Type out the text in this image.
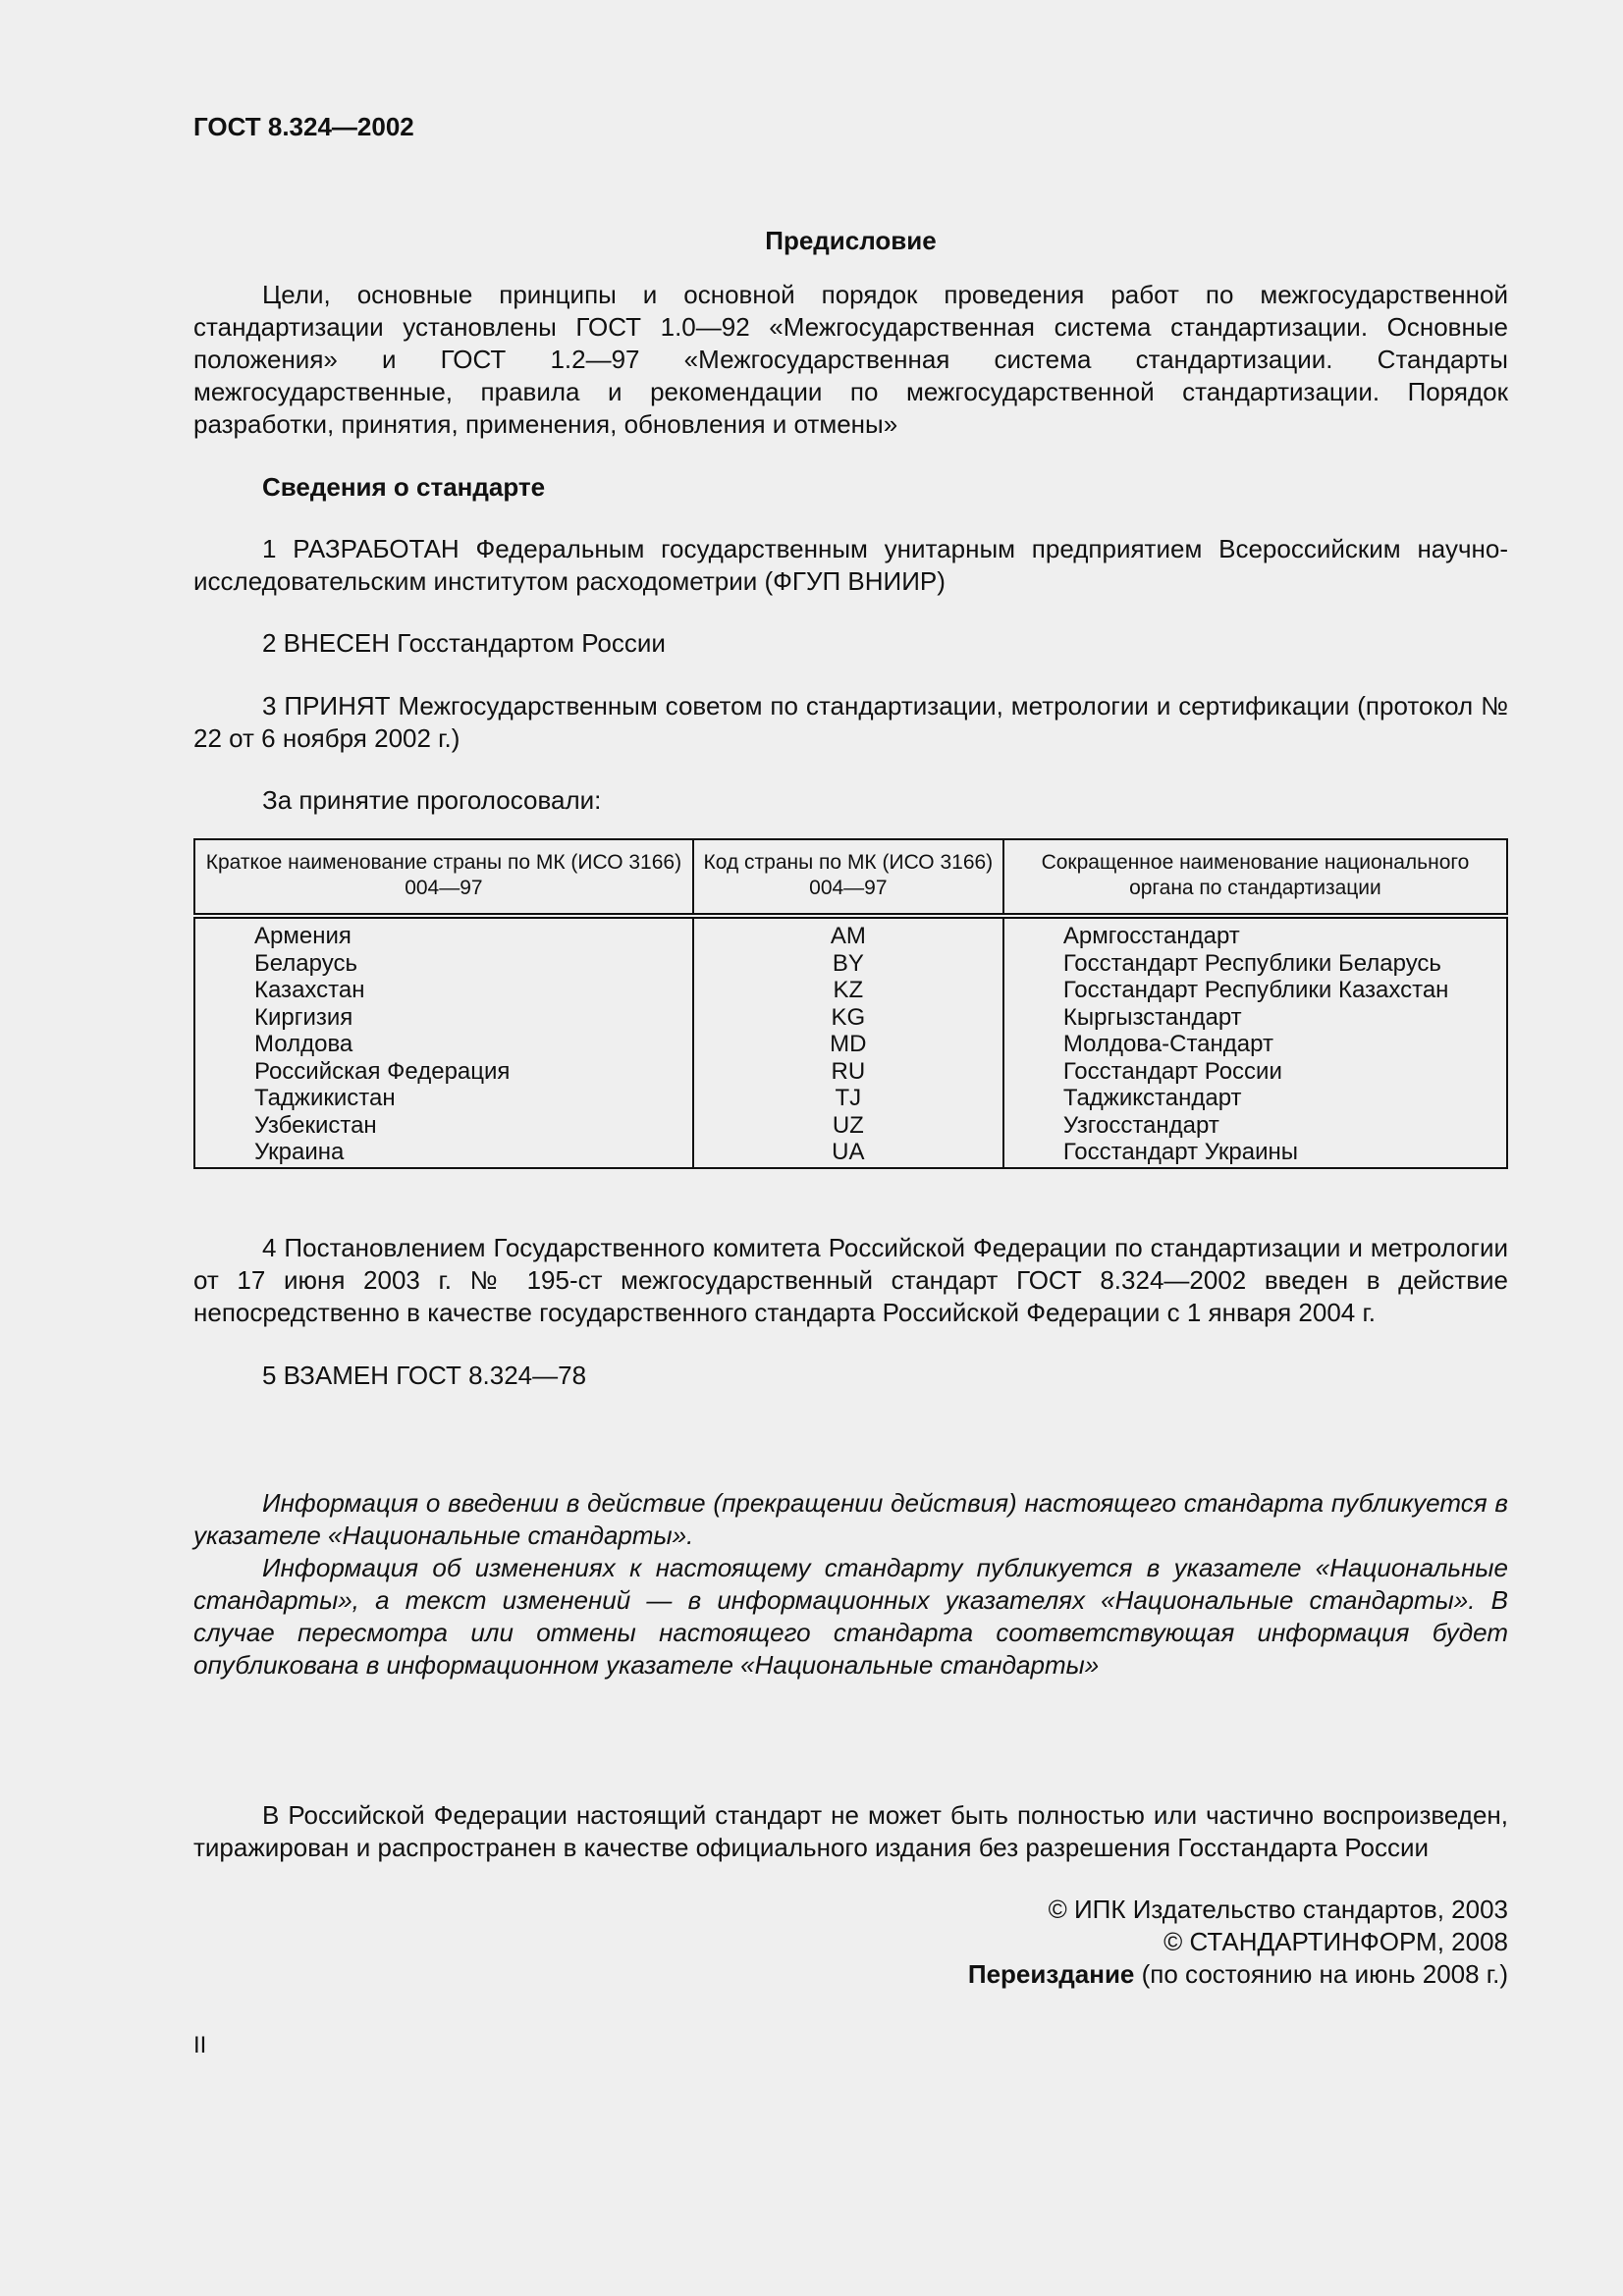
ГОСТ 8.324—2002
Предисловие

Цели, основные принципы и основной порядок проведения работ по межгосударственной стандартизации установлены ГОСТ 1.0—92 «Межгосударственная система стандартизации. Основные положения» и ГОСТ 1.2—97 «Межгосударственная система стандартизации. Стандарты межгосударственные, правила и рекомендации по межгосударственной стандартизации. Порядок разработки, принятия, применения, обновления и отмены»

Сведения о стандарте

1 РАЗРАБОТАН Федеральным государственным унитарным предприятием Всероссийским научно-исследовательским институтом расходометрии (ФГУП ВНИИР)

2 ВНЕСЕН Госстандартом России

3 ПРИНЯТ Межгосударственным советом по стандартизации, метрологии и сертификации (протокол № 22 от 6 ноября 2002 г.)

За принятие проголосовали:

Краткое наименование страны по МК (ИСО 3166) 004—97	Код страны по МК (ИСО 3166) 004—97	Сокращенное наименование национального органа по стандартизации
Армения	AM	Армгосстандарт
Беларусь	BY	Госстандарт Республики Беларусь
Казахстан	KZ	Госстандарт Республики Казахстан
Киргизия	KG	Кыргызстандарт
Молдова	MD	Молдова-Стандарт
Российская Федерация	RU	Госстандарт России
Таджикистан	TJ	Таджикстандарт
Узбекистан	UZ	Узгосстандарт
Украина	UA	Госстандарт Украины

4 Постановлением Государственного комитета Российской Федерации по стандартизации и метрологии от 17 июня 2003 г. № 195-ст межгосударственный стандарт ГОСТ 8.324—2002 введен в действие непосредственно в качестве государственного стандарта Российской Федерации с 1 января 2004 г.

5 ВЗАМЕН ГОСТ 8.324—78

Информация о введении в действие (прекращении действия) настоящего стандарта публикуется в указателе «Национальные стандарты».

Информация об изменениях к настоящему стандарту публикуется в указателе «Национальные стандарты», а текст изменений — в информационных указателях «Национальные стандарты». В случае пересмотра или отмены настоящего стандарта соответствующая информация будет опубликована в информационном указателе «Национальные стандарты»

В Российской Федерации настоящий стандарт не может быть полностью или частично воспроизведен, тиражирован и распространен в качестве официального издания без разрешения Госстандарта России

© ИПК Издательство стандартов, 2003

© СТАНДАРТИНФОРМ, 2008

Переиздание (по состоянию на июнь 2008 г.)

II
